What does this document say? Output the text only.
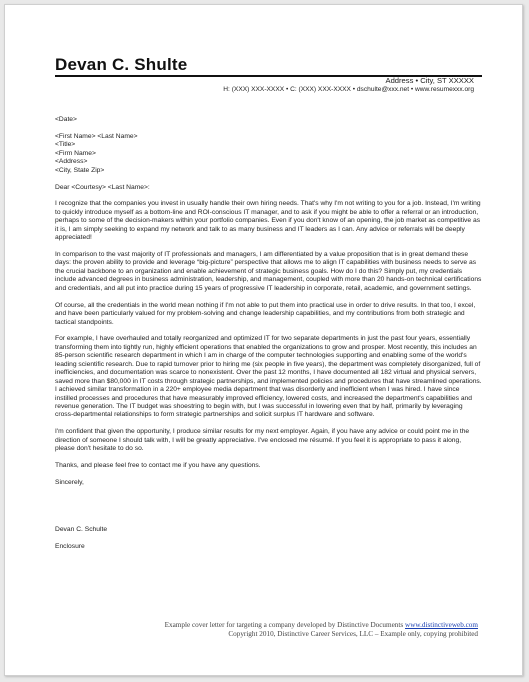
Devan C. Shulte
Address • City, ST XXXXX
H: (XXX) XXX-XXXX • C: (XXX) XXX-XXXX • dschulte@xxx.net • www.resumexxx.org

<Date>

<First Name> <Last Name>
<Title>
<Firm Name>
<Address>
<City, State Zip>

Dear <Courtesy> <Last Name>:

I recognize that the companies you invest in usually handle their own hiring needs. That's why I'm not writing to you for a job. Instead, I'm writing to quickly introduce myself as a bottom-line and ROI-conscious IT manager, and to ask if you might be able to offer a referral or an introduction, perhaps to some of the decision-makers within your portfolio companies. Even if you don't know of an opening, the job market as competitive as it is, I am simply seeking to expand my network and talk to as many business and IT leaders as I can. Any advice or referrals will be deeply appreciated!

In comparison to the vast majority of IT professionals and managers, I am differentiated by a value proposition that is in great demand these days: the proven ability to provide and leverage “big-picture” perspective that allows me to align IT capabilities with business needs to serve as the crucial backbone to an organization and enable achievement of strategic business goals. How do I do this? Simply put, my credentials include advanced degrees in business administration, leadership, and management, coupled with more than 20 hands-on technical certifications and credentials, and all put into practice during 15 years of progressive IT leadership in corporate, retail, academic, and government settings.

Of course, all the credentials in the world mean nothing if I'm not able to put them into practical use in order to drive results. In that too, I excel, and have been particularly valued for my problem-solving and change leadership capabilities, and my contributions from both strategic and tactical standpoints.

For example, I have overhauled and totally reorganized and optimized IT for two separate departments in just the past four years, essentially transforming them into tightly run, highly efficient operations that enabled the organizations to grow and prosper. Most recently, this includes an 85-person scientific research department in which I am in charge of the computer technologies supporting and enabling some of the world's leading scientific research. Due to rapid turnover prior to hiring me (six people in five years), the department was completely disorganized, full of inefficiencies, and documentation was scarce to nonexistent. Over the past 12 months, I have documented all 182 virtual and physical servers, saved more than $80,000 in IT costs through strategic partnerships, and implemented policies and procedures that have streamlined operations. I achieved similar transformation in a 220+ employee media department that was disorderly and inefficient when I was hired. I have since instilled processes and procedures that have measurably improved efficiency, lowered costs, and increased the department's capabilities and revenue generation. The IT budget was shoestring to begin with, but I was successful in lowering even that by half, primarily by leveraging cross-departmental relationships to form strategic partnerships and solicit surplus IT hardware and software.

I'm confident that given the opportunity, I produce similar results for my next employer. Again, if you have any advice or could point me in the direction of someone I should talk with, I will be greatly appreciative. I've enclosed me résumé. If you feel it is appropriate to pass it along, please don't hesitate to do so.

Thanks, and please feel free to contact me if you have any questions.

Sincerely,

Devan C. Schulte

Enclosure

Example cover letter for targeting a company developed by Distinctive Documents www.distinctiveweb.com
Copyright 2010, Distinctive Career Services, LLC – Example only, copying prohibited
